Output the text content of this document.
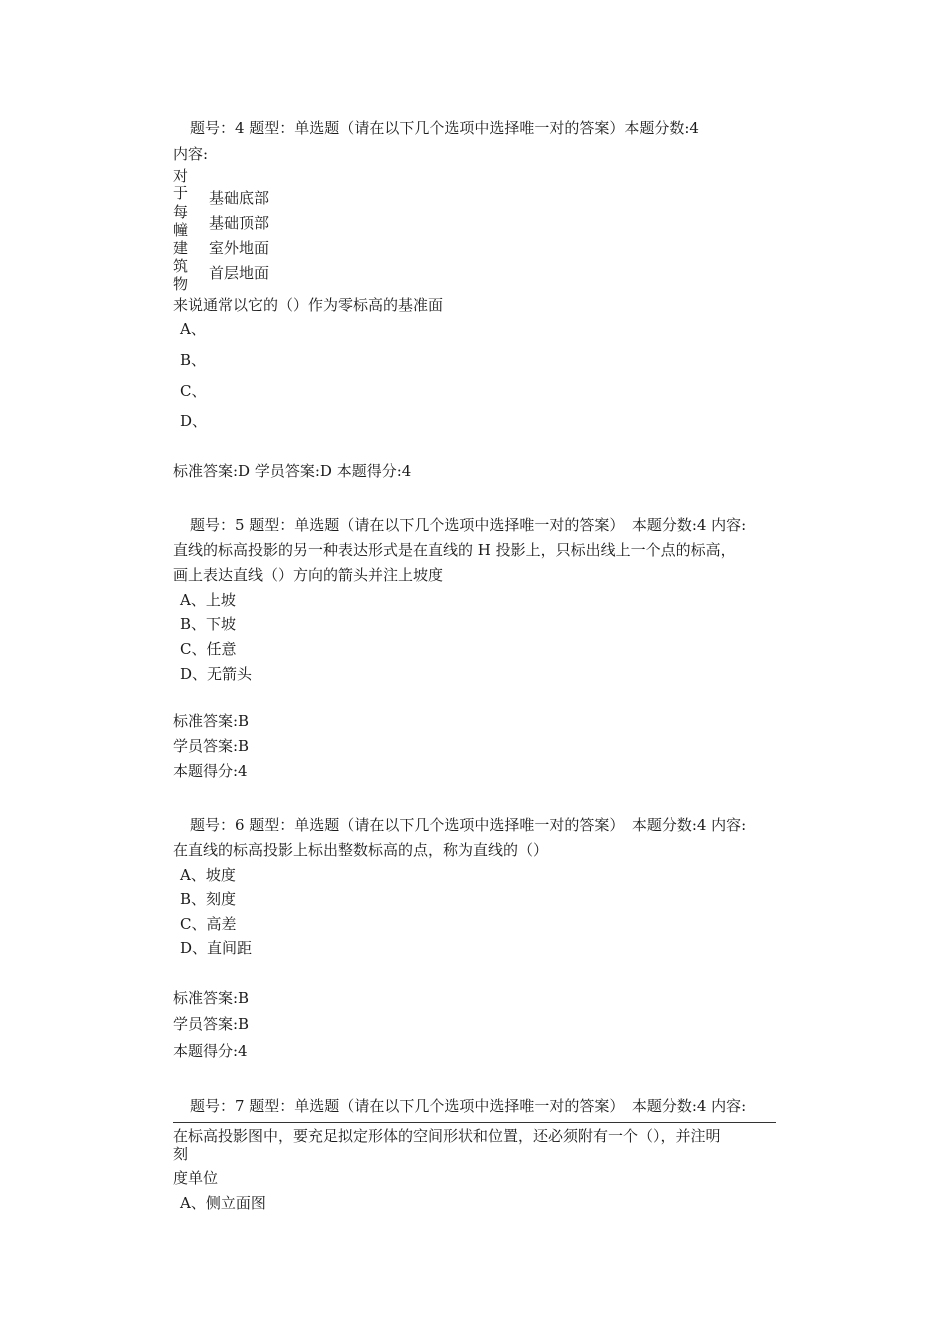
题号：4 题型：单选题（请在以下几个选项中选择唯一对的答案）本题分数:4
内容:
对
于
每
幢
建
筑
物
基础底部
基础顶部
室外地面
首层地面
来说通常以它的（）作为零标高的基准面
A、
B、
C、
D、
标准答案:D 学员答案:D 本题得分:4
题号：5 题型：单选题（请在以下几个选项中选择唯一对的答案）　本题分数:4 内容:
直线的标高投影的另一种表达形式是在直线的 H 投影上，只标出线上一个点的标高，
画上表达直线（）方向的箭头并注上坡度
A、上坡
B、下坡
C、任意
D、无箭头
标准答案:B
学员答案:B
本题得分:4
题号：6 题型：单选题（请在以下几个选项中选择唯一对的答案）　本题分数:4 内容:
在直线的标高投影上标出整数标高的点，称为直线的（）
A、坡度
B、刻度
C、高差
D、直间距
标准答案:B
学员答案:B
本题得分:4
题号：7 题型：单选题（请在以下几个选项中选择唯一对的答案）　本题分数:4 内容:
在标高投影图中，要充足拟定形体的空间形状和位置，还必须附有一个（），并注明
刻
度单位
A、侧立面图
